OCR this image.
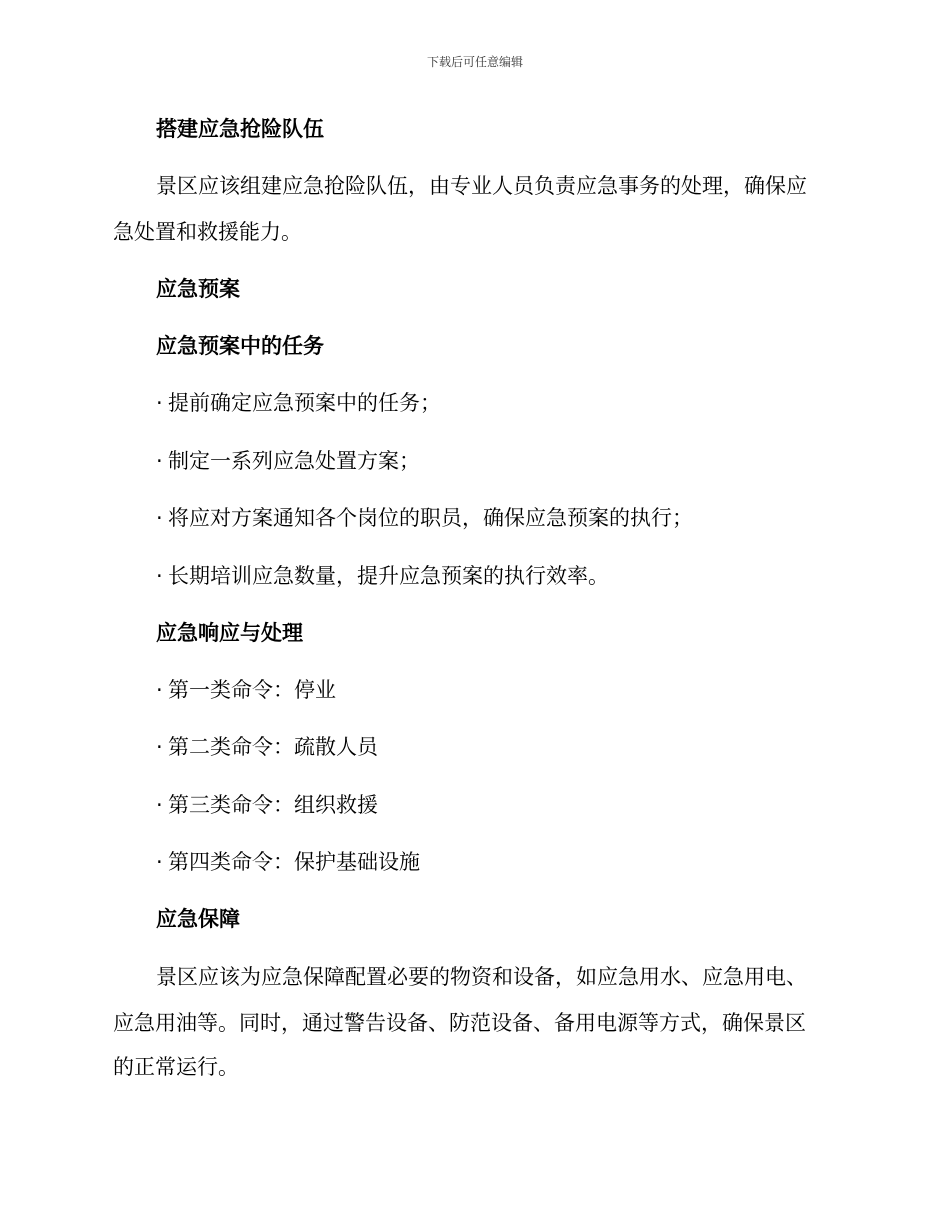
下载后可任意编辑
搭建应急抢险队伍
景区应该组建应急抢险队伍，由专业人员负责应急事务的处理，确保应
急处置和救援能力。
应急预案
应急预案中的任务
· 提前确定应急预案中的任务；
· 制定一系列应急处置方案；
· 将应对方案通知各个岗位的职员，确保应急预案的执行；
· 长期培训应急数量，提升应急预案的执行效率。
应急响应与处理
· 第一类命令：停业
· 第二类命令：疏散人员
· 第三类命令：组织救援
· 第四类命令：保护基础设施
应急保障
景区应该为应急保障配置必要的物资和设备，如应急用水、应急用电、
应急用油等。同时，通过警告设备、防范设备、备用电源等方式，确保景区
的正常运行。
